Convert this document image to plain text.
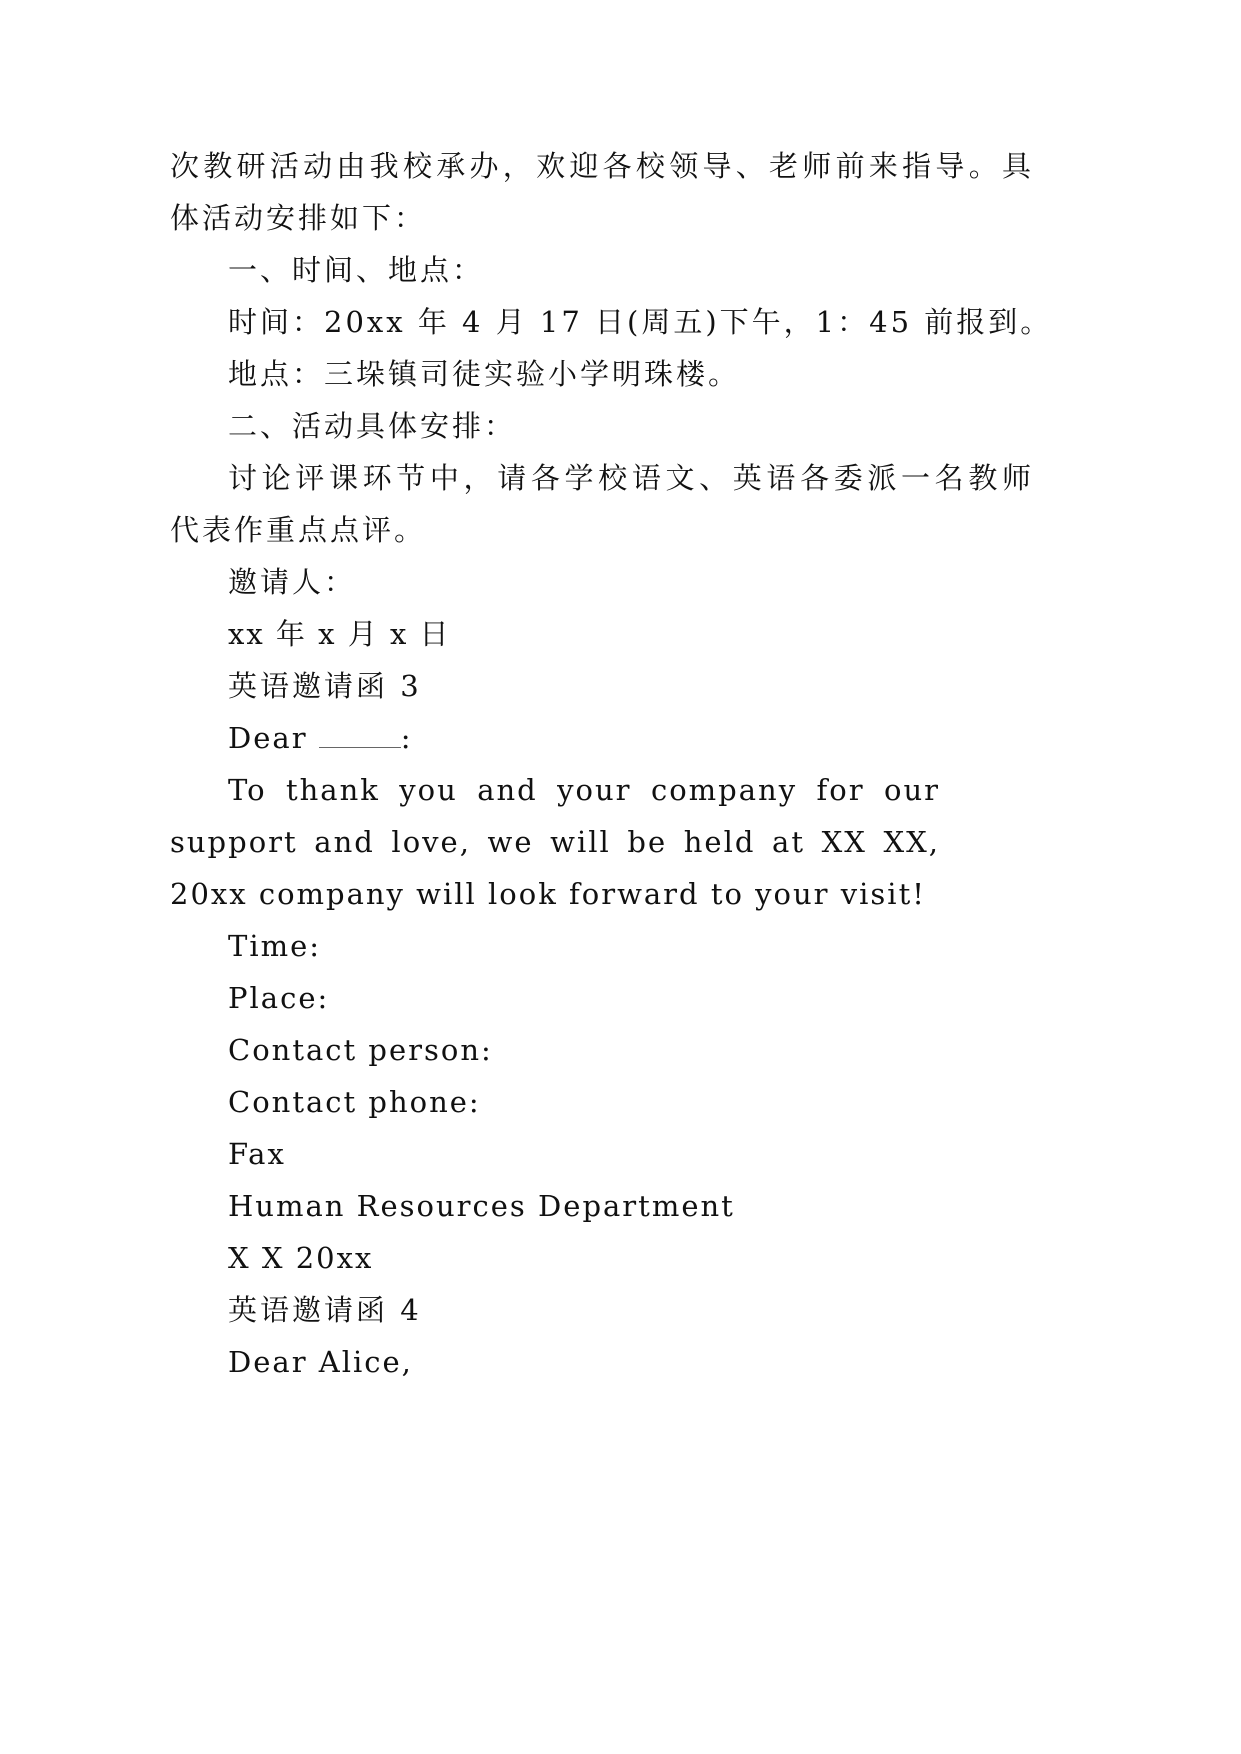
次教研活动由我校承办，欢迎各校领导、老师前来指导。具
体活动安排如下：
一、时间、地点：
时间：20xx 年 4 月 17 日(周五)下午，1：45 前报到。
地点：三垛镇司徒实验小学明珠楼。
二、活动具体安排：
讨论评课环节中，请各学校语文、英语各委派一名教师
代表作重点点评。
邀请人：
xx 年 x 月 x 日
英语邀请函 3
Dear	:
To thank you and your company for our
support and love, we will be held at XX XX,
20xx company will look forward to your visit!
Time:
Place:
Contact person:
Contact phone:
Fax
Human Resources Department
X X 20xx
英语邀请函 4
Dear Alice,
